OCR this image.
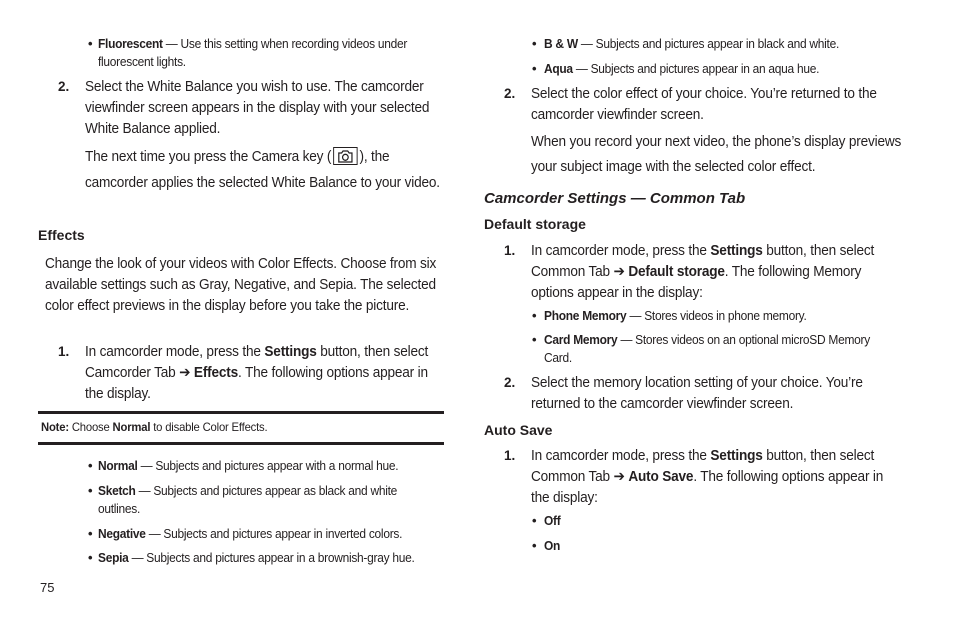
• Fluorescent — Use this setting when recording videos under fluorescent lights.

2. Select the White Balance you wish to use. The camcorder viewfinder screen appears in the display with your selected White Balance applied.

The next time you press the Camera key ( ), the camcorder applies the selected White Balance to your video.

Effects

Change the look of your videos with Color Effects. Choose from six available settings such as Gray, Negative, and Sepia. The selected color effect previews in the display before you take the picture.

1. In camcorder mode, press the Settings button, then select Camcorder Tab ➔ Effects. The following options appear in the display.

Note: Choose Normal to disable Color Effects.

• Normal — Subjects and pictures appear with a normal hue.

• Sketch — Subjects and pictures appear as black and white outlines.

• Negative — Subjects and pictures appear in inverted colors.

• Sepia — Subjects and pictures appear in a brownish-gray hue.

75
• B & W — Subjects and pictures appear in black and white.

• Aqua — Subjects and pictures appear in an aqua hue.

2. Select the color effect of your choice. You’re returned to the camcorder viewfinder screen.

When you record your next video, the phone’s display previews your subject image with the selected color effect.

Camcorder Settings — Common Tab
Default storage
1. In camcorder mode, press the Settings button, then select Common Tab ➔ Default storage. The following Memory options appear in the display:

• Phone Memory — Stores videos in phone memory.

• Card Memory — Stores videos on an optional microSD Memory Card.

2. Select the memory location setting of your choice. You’re returned to the camcorder viewfinder screen.

Auto Save
1. In camcorder mode, press the Settings button, then select Common Tab ➔ Auto Save. The following options appear in the display:

• Off

• On
